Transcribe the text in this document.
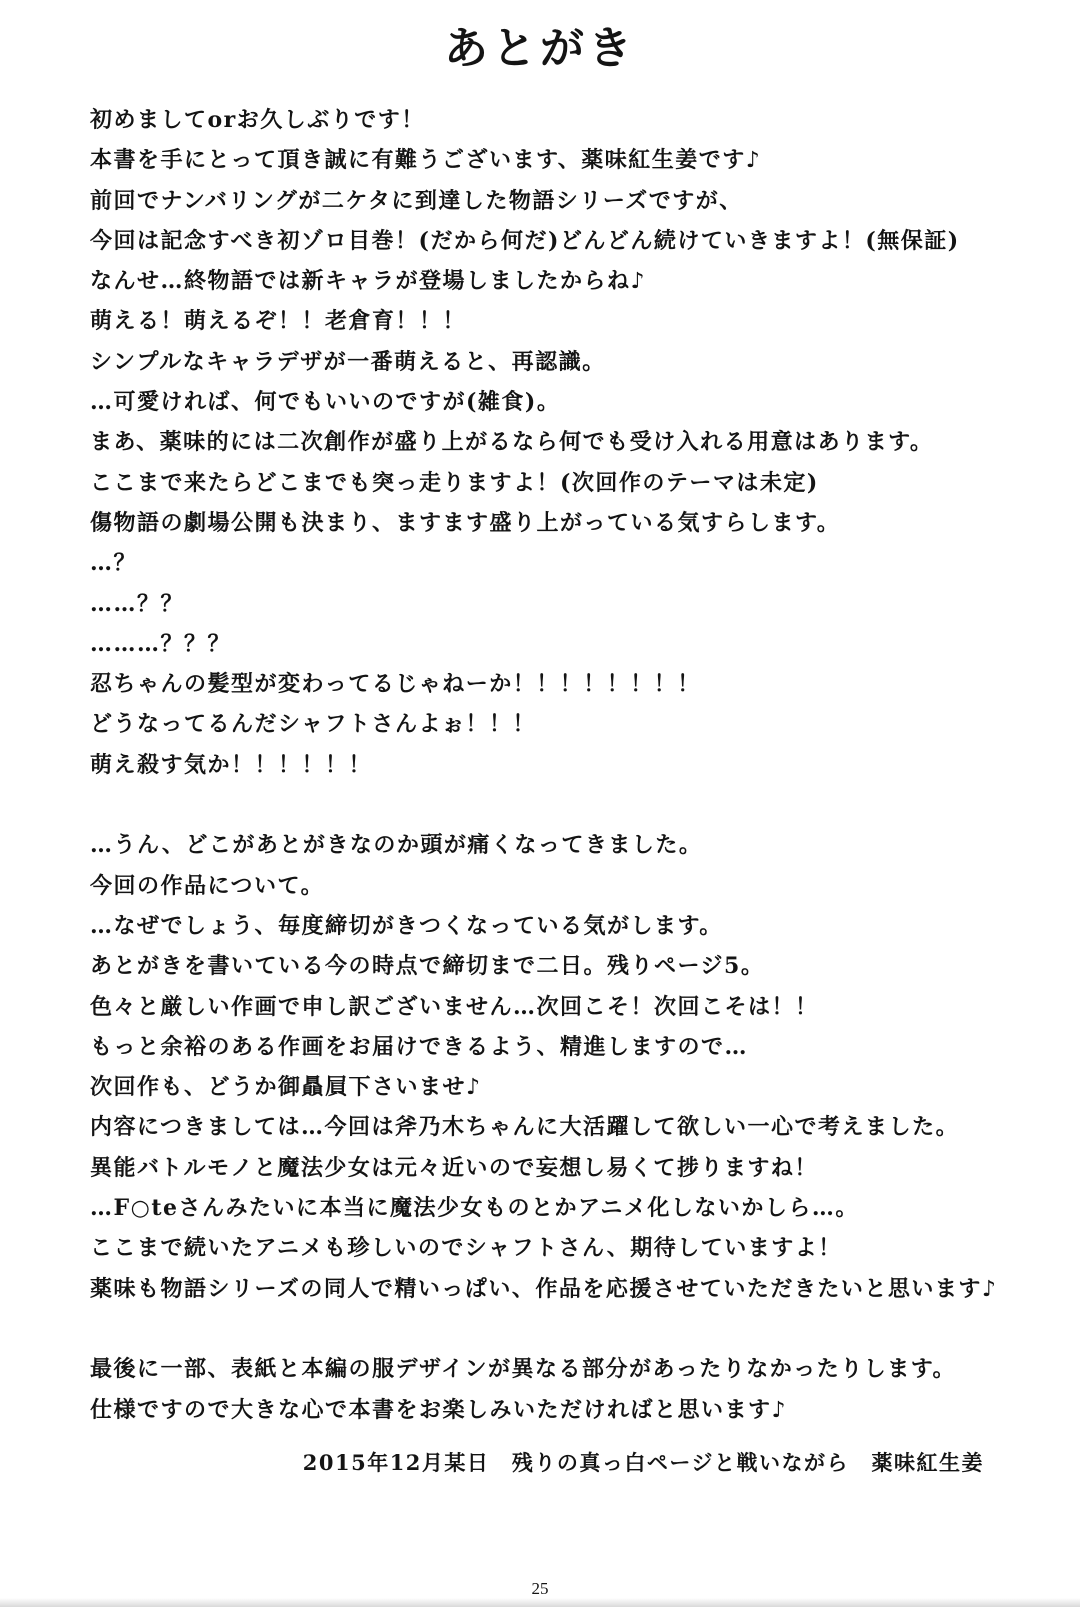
あとがき
初めましてorお久しぶりです！
本書を手にとって頂き誠に有難うございます、薬味紅生姜です♪
前回でナンバリングが二ケタに到達した物語シリーズですが、
今回は記念すべき初ゾロ目巻！(だから何だ)どんどん続けていきますよ！(無保証)
なんせ…終物語では新キャラが登場しましたからね♪
萌える！萌えるぞ！！老倉育！！！
シンプルなキャラデザが一番萌えると、再認識。
…可愛ければ、何でもいいのですが(雑食)。
まあ、薬味的には二次創作が盛り上がるなら何でも受け入れる用意はあります。
ここまで来たらどこまでも突っ走りますよ！(次回作のテーマは未定)
傷物語の劇場公開も決まり、ますます盛り上がっている気すらします。
…？
……？？
………？？？
忍ちゃんの髪型が変わってるじゃねーか！！！！！！！！
どうなってるんだシャフトさんよぉ！！！
萌え殺す気か！！！！！！
…うん、どこがあとがきなのか頭が痛くなってきました。
今回の作品について。
…なぜでしょう、毎度締切がきつくなっている気がします。
あとがきを書いている今の時点で締切まで二日。残りページ5。
色々と厳しい作画で申し訳ございません…次回こそ！次回こそは！！
もっと余裕のある作画をお届けできるよう、精進しますので…
次回作も、どうか御贔屓下さいませ♪
内容につきましては…今回は斧乃木ちゃんに大活躍して欲しい一心で考えました。
異能バトルモノと魔法少女は元々近いので妄想し易くて捗りますね！
…F○teさんみたいに本当に魔法少女ものとかアニメ化しないかしら…。
ここまで続いたアニメも珍しいのでシャフトさん、期待していますよ！
薬味も物語シリーズの同人で精いっぱい、作品を応援させていただきたいと思います♪
最後に一部、表紙と本編の服デザインが異なる部分があったりなかったりします。
仕様ですので大きな心で本書をお楽しみいただければと思います♪
2015年12月某日　残りの真っ白ページと戦いながら　薬味紅生姜
25
